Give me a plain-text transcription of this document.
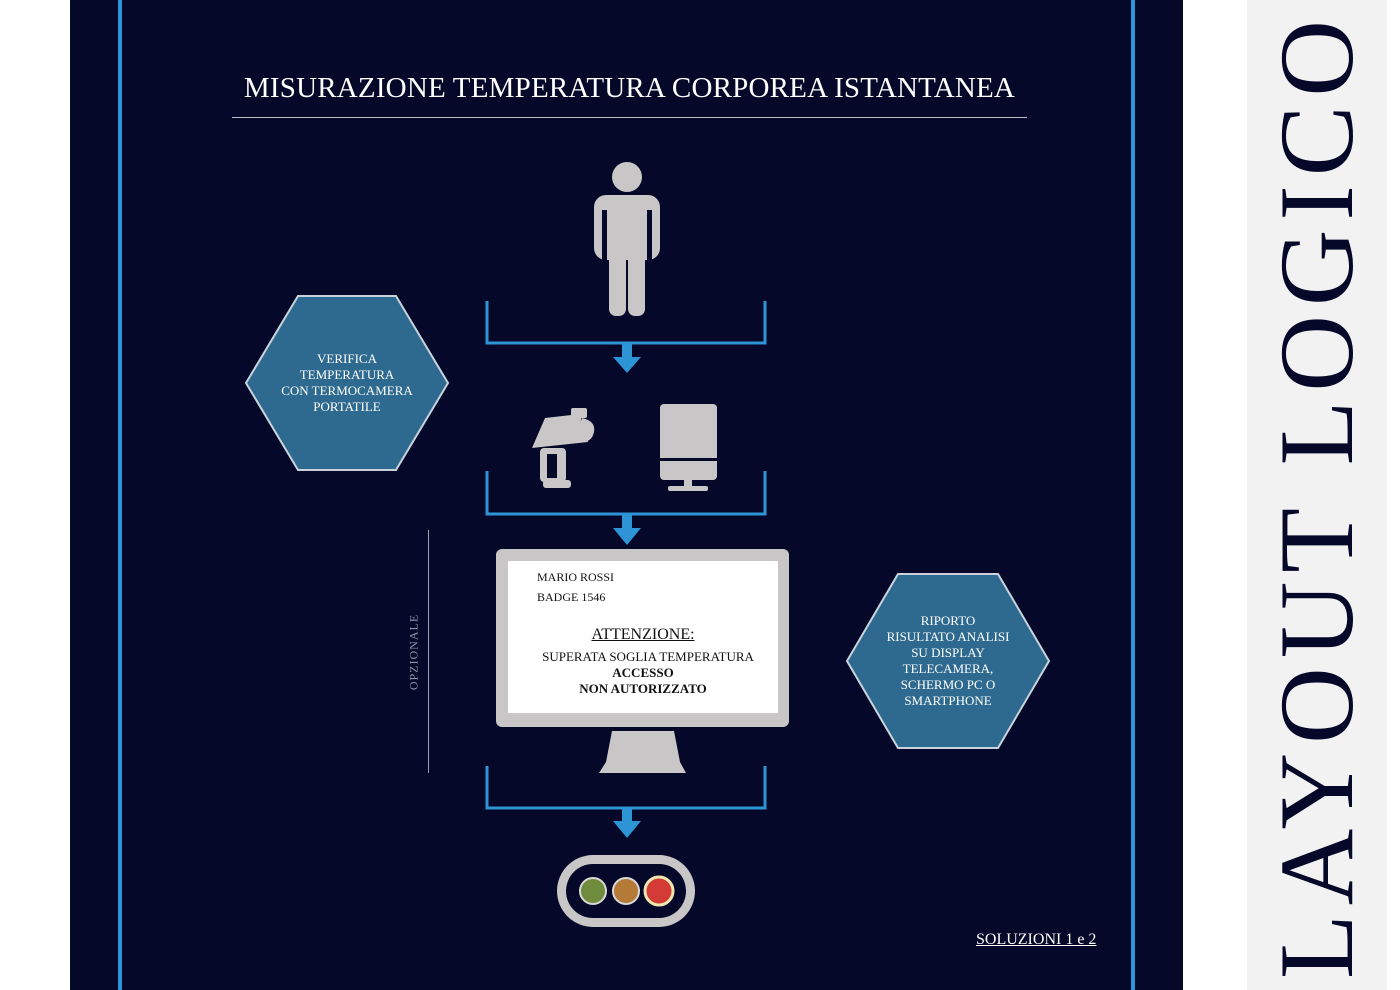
LAYOUT LOGICO
MISURAZIONE TEMPERATURA CORPOREA ISTANTANEA
VERIFICA
TEMPERATURA
CON TERMOCAMERA
PORTATILE
RIPORTO
RISULTATO ANALISI
SU DISPLAY
TELECAMERA,
SCHERMO PC O
SMARTPHONE
OPZIONALE
MARIO ROSSI
BADGE 1546
ATTENZIONE:
SUPERATA SOGLIA TEMPERATURA
ACCESSO
NON AUTORIZZATO
SOLUZIONI 1 e 2
